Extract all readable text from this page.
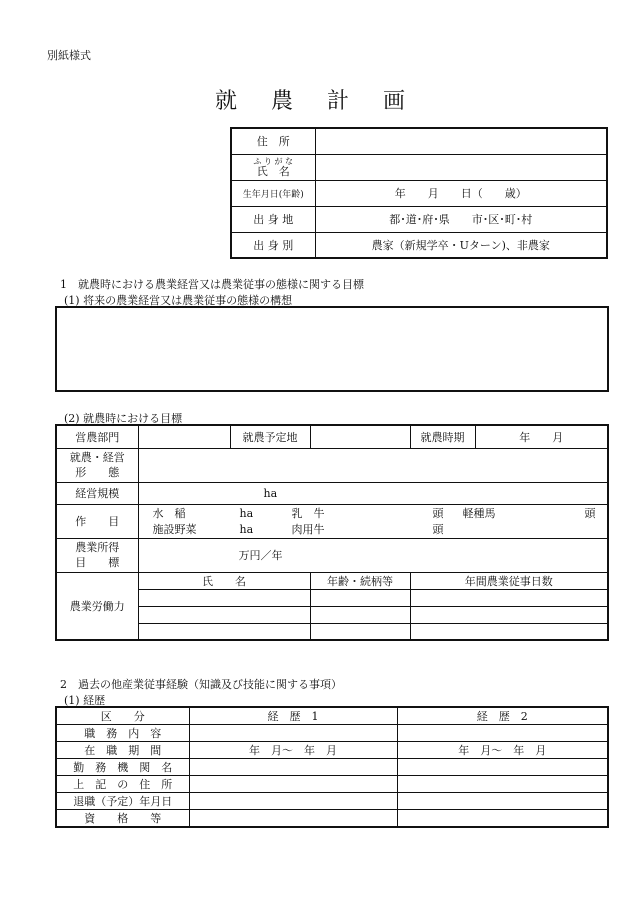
別紙様式
就農計画
住　所	

ふ り が な
氏　名	

生年月日(年齢)	年　　月　　日（　　歳）
出 身 地	都･道･府･県　　市･区･町･村
出 身 別	農家（新規学卒・Uターン)、非農家
1　就農時における農業経営又は農業従事の態様に関する目標
(1) 将来の農業経営又は農業従事の態様の構想
(2) 就農時における目標
営農部門		就農予定地		就農時期	年　　月

就農・経営
形　　態

経営規模	ha
作　　目	
水　稲	ha	乳　牛	頭	軽種馬	頭
施設野菜	ha	肉用牛	頭		

農業所得
目　　標
	万円／年
農業労働力	氏　　名	年齢・続柄等	年間農業従事日数

2　過去の他産業従事経験（知識及び技能に関する事項）
(1) 経歴
区　　分	経　歴　1	経　歴　2
職　務　内　容		
在　職　期　間	年　月～　年　月	年　月～　年　月
勤　務　機　関　名		
上　記　の　住　所		
退職（予定）年月日		
資　　格　　等		
